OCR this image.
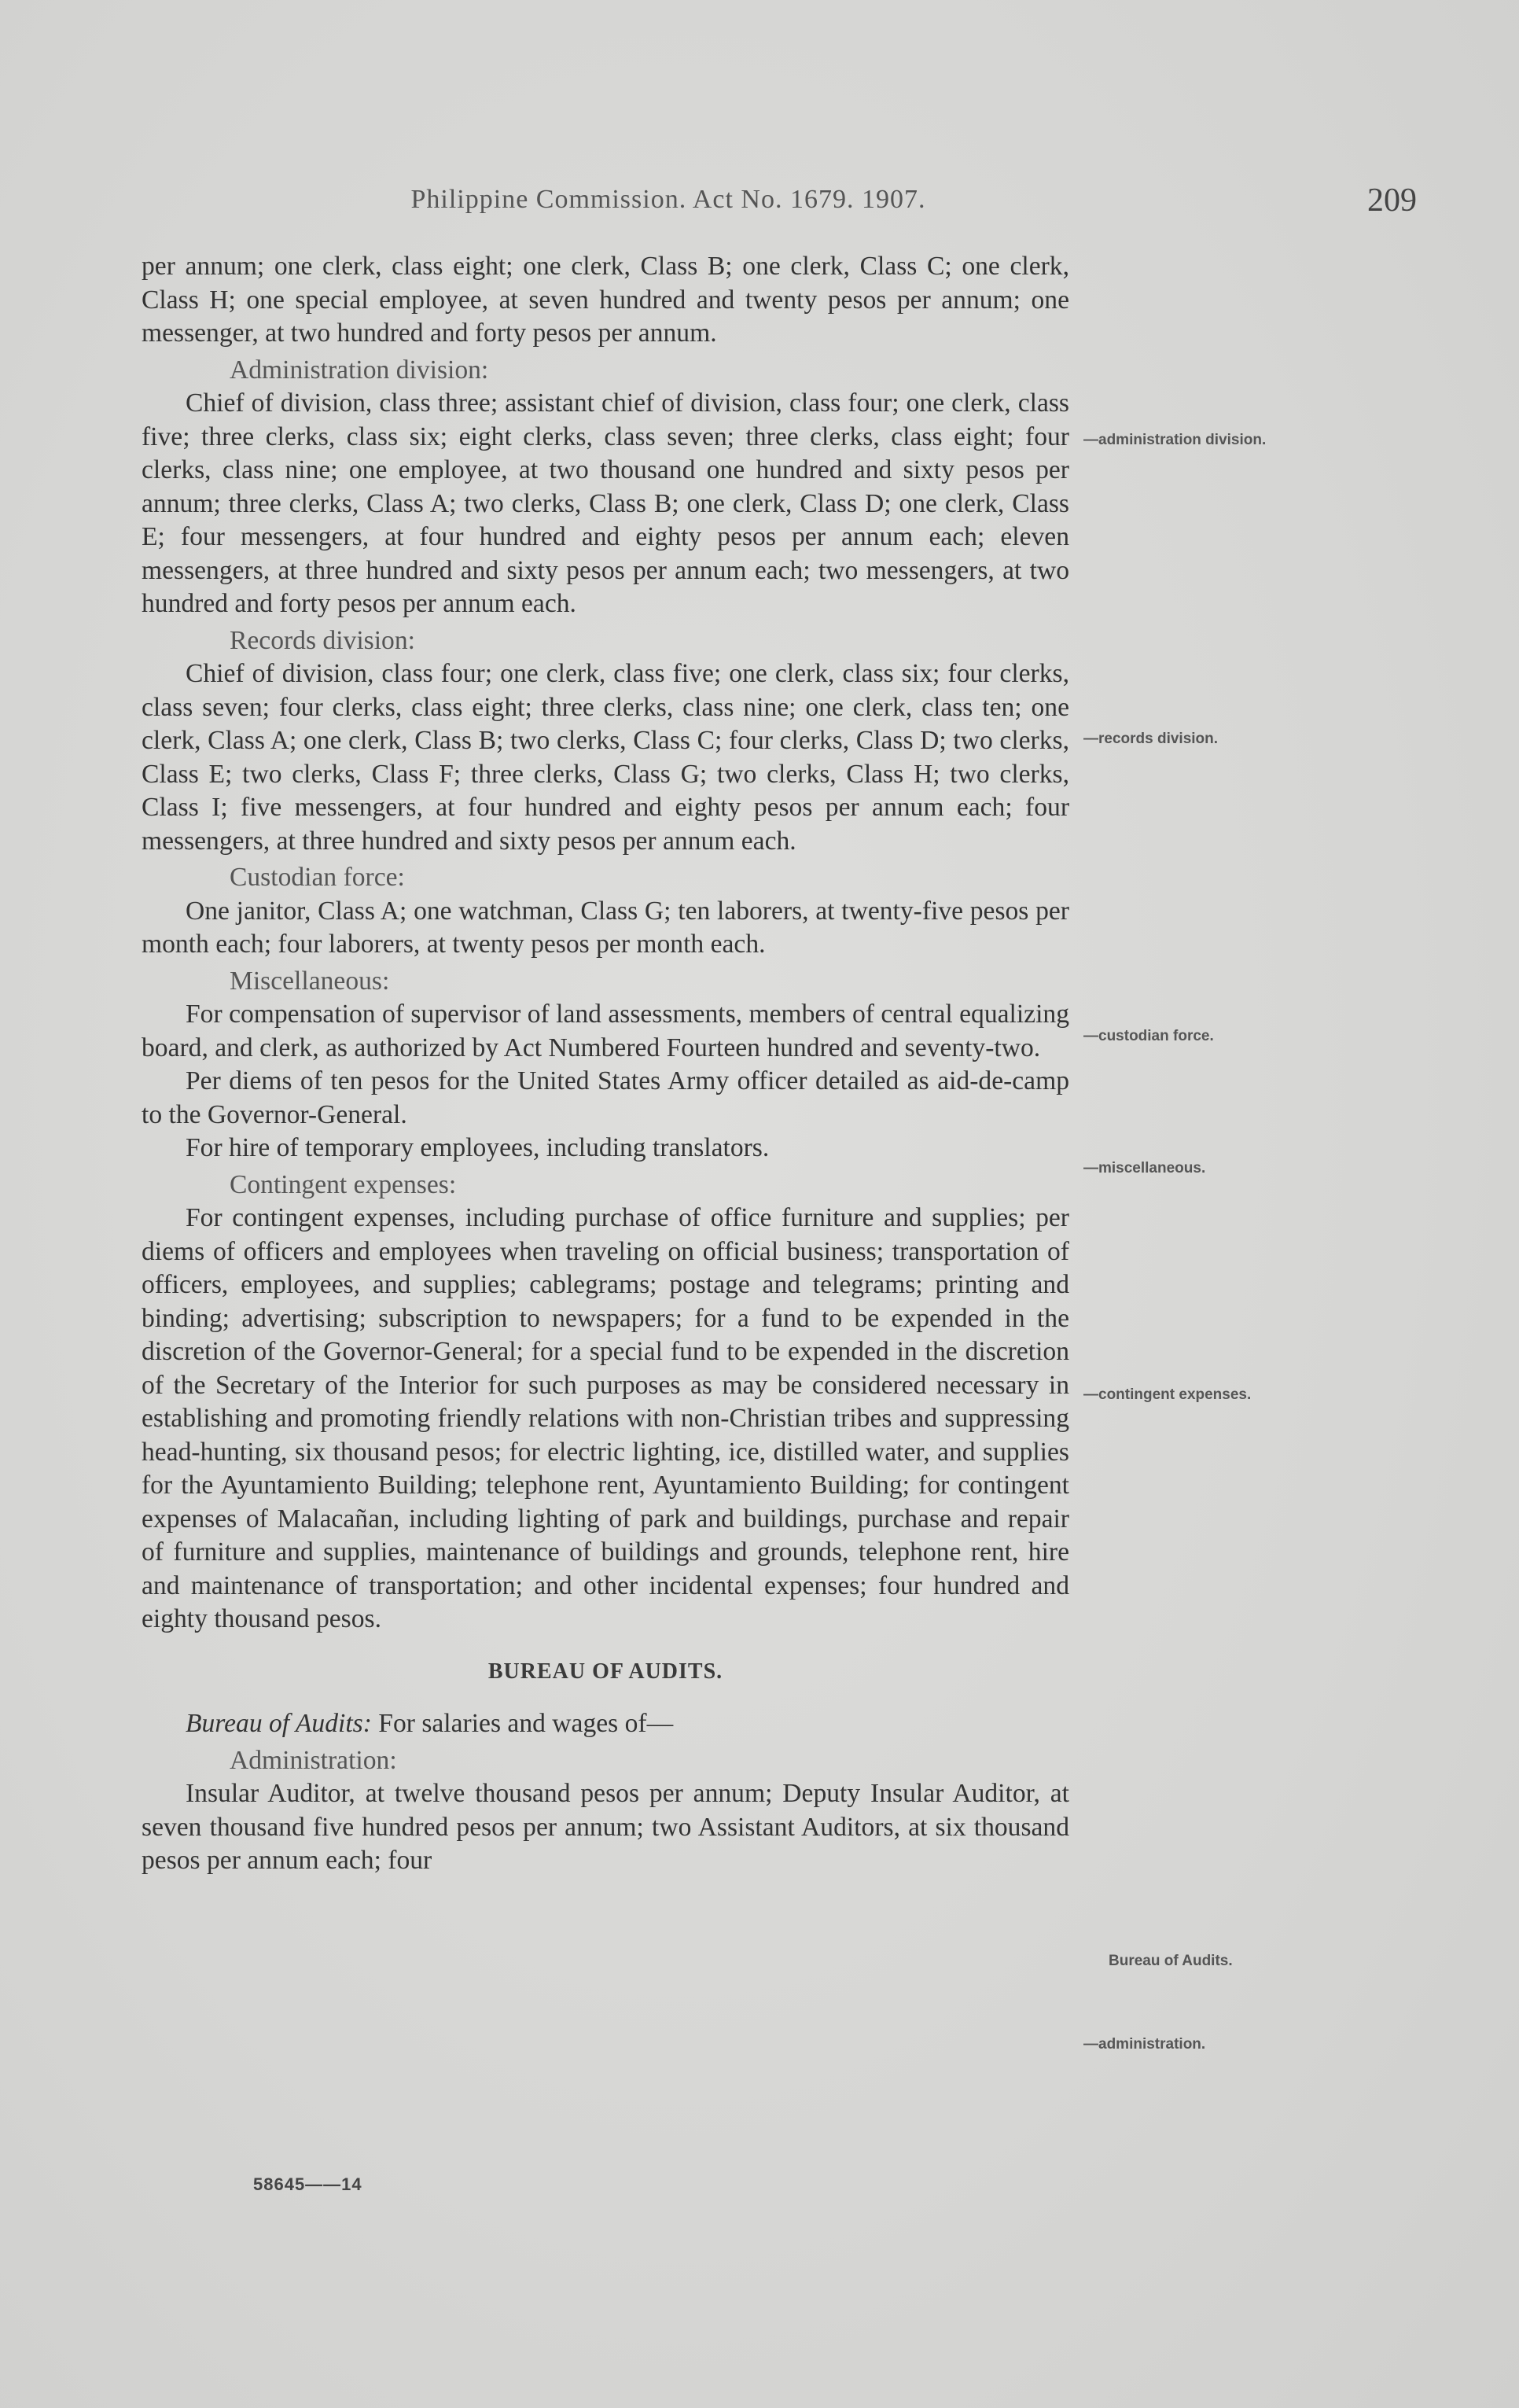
Philippine Commission. Act No. 1679. 1907.	209

per annum; one clerk, class eight; one clerk, Class B; one clerk, Class C; one clerk, Class H; one special employee, at seven hundred and twenty pesos per annum; one messenger, at two hundred and forty pesos per annum.

Administration division:

Chief of division, class three; assistant chief of division, class four; one clerk, class five; three clerks, class six; eight clerks, class seven; three clerks, class eight; four clerks, class nine; one employee, at two thousand one hundred and sixty pesos per annum; three clerks, Class A; two clerks, Class B; one clerk, Class D; one clerk, Class E; four messengers, at four hundred and eighty pesos per annum each; eleven messengers, at three hundred and sixty pesos per annum each; two messengers, at two hundred and forty pesos per annum each.

Records division:

Chief of division, class four; one clerk, class five; one clerk, class six; four clerks, class seven; four clerks, class eight; three clerks, class nine; one clerk, class ten; one clerk, Class A; one clerk, Class B; two clerks, Class C; four clerks, Class D; two clerks, Class E; two clerks, Class F; three clerks, Class G; two clerks, Class H; two clerks, Class I; five messengers, at four hundred and eighty pesos per annum each; four messengers, at three hundred and sixty pesos per annum each.

Custodian force:

One janitor, Class A; one watchman, Class G; ten laborers, at twenty-five pesos per month each; four laborers, at twenty pesos per month each.

Miscellaneous:

For compensation of supervisor of land assessments, members of central equalizing board, and clerk, as authorized by Act Numbered Fourteen hundred and seventy-two.

Per diems of ten pesos for the United States Army officer detailed as aid-de-camp to the Governor-General.

For hire of temporary employees, including translators.

Contingent expenses:

For contingent expenses, including purchase of office furniture and supplies; per diems of officers and employees when traveling on official business; transportation of officers, employees, and supplies; cablegrams; postage and telegrams; printing and binding; advertising; subscription to newspapers; for a fund to be expended in the discretion of the Governor-General; for a special fund to be expended in the discretion of the Secretary of the Interior for such purposes as may be considered necessary in establishing and promoting friendly relations with non-Christian tribes and suppressing head-hunting, six thousand pesos; for electric lighting, ice, distilled water, and supplies for the Ayuntamiento Building; telephone rent, Ayuntamiento Building; for contingent expenses of Malacañan, including lighting of park and buildings, purchase and repair of furniture and supplies, maintenance of buildings and grounds, telephone rent, hire and maintenance of transportation; and other incidental expenses; four hundred and eighty thousand pesos.

BUREAU OF AUDITS.

Bureau of Audits: For salaries and wages of—

Administration:

Insular Auditor, at twelve thousand pesos per annum; Deputy Insular Auditor, at seven thousand five hundred pesos per annum; two Assistant Auditors, at six thousand pesos per annum each; four

—administration division.
—records division.
—custodian force.
—miscellaneous.
—contingent expenses.
Bureau of Audits.
—administration.
58645——14
